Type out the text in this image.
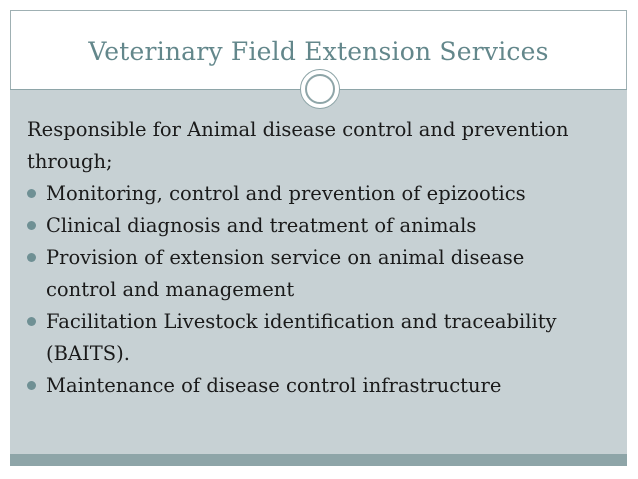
Veterinary Field Extension Services

Responsible for Animal disease control and prevention
through;

Monitoring, control and prevention of epizootics
Clinical diagnosis and treatment of animals
Provision of extension service on animal disease
control and management
Facilitation Livestock identification and traceability
(BAITS).
Maintenance of disease control infrastructure
